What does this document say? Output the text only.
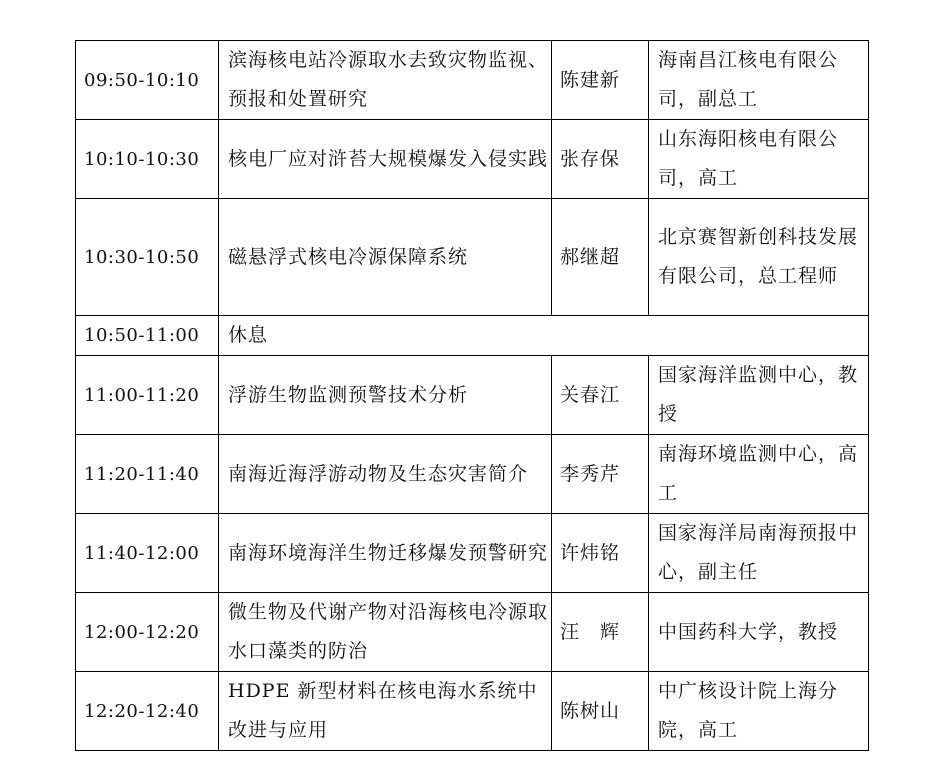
09:50-10:10	滨海核电站冷源取水去致灾物监视、预报和处置研究	陈建新	海南昌江核电有限公司，副总工
10:10-10:30	核电厂应对浒苔大规模爆发入侵实践	张存保	山东海阳核电有限公司，高工
10:30-10:50	磁悬浮式核电冷源保障系统	郝继超	北京赛智新创科技发展有限公司，总工程师
10:50-11:00	休息		
11:00-11:20	浮游生物监测预警技术分析	关春江	国家海洋监测中心，教授
11:20-11:40	南海近海浮游动物及生态灾害简介	李秀芹	南海环境监测中心，高工
11:40-12:00	南海环境海洋生物迁移爆发预警研究	许炜铭	国家海洋局南海预报中心，副主任
12:00-12:20	微生物及代谢产物对沿海核电冷源取水口藻类的防治	汪　辉	中国药科大学，教授
12:20-12:40	HDPE 新型材料在核电海水系统中改进与应用	陈树山	中广核设计院上海分院，高工
